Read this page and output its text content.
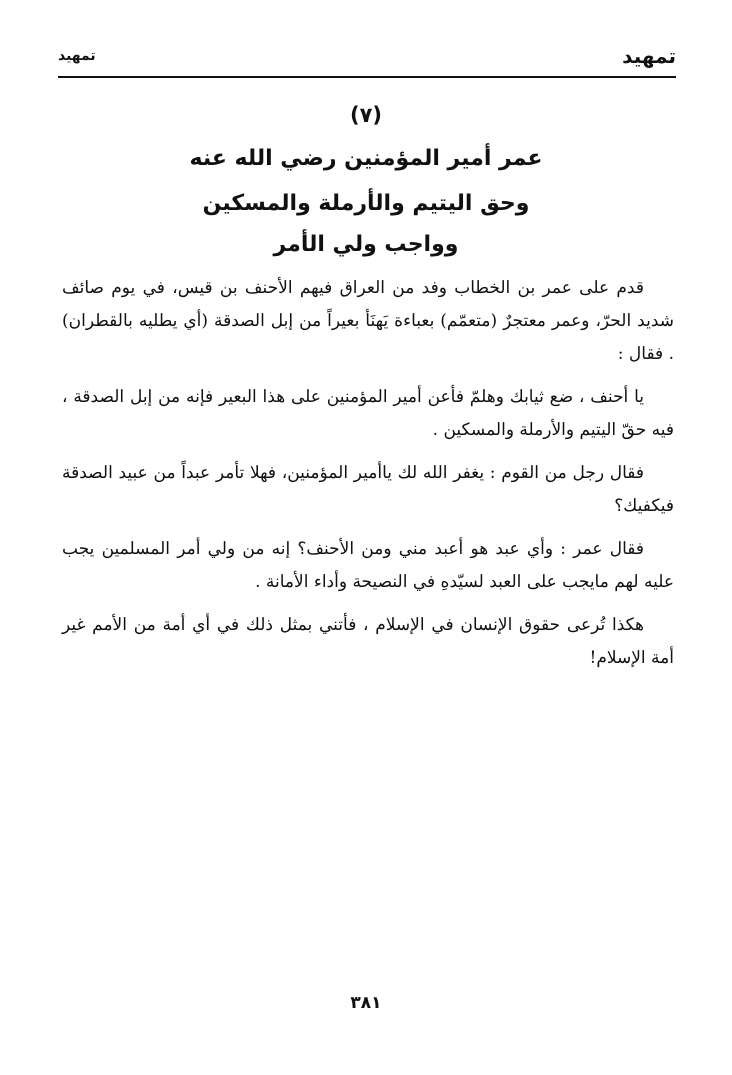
تمهيد
تمهيد
(٧)
عمر أمير المؤمنين رضي الله عنه
وحق اليتيم والأرملة والمسكين
وواجب ولي الأمر

قدم على عمر بن الخطاب وفد من العراق فيهم الأحنف بن قيس، في يوم صائف شديد الحرّ، وعمر معتجرٌ (متعمّم) بعباءة يَهنَأ بعيراً من إبل الصدقة (أي يطليه بالقطران) . فقال :

يا أحنف ، ضع ثيابك وهلمّ فأعن أمير المؤمنين على هذا البعير فإنه من إبل الصدقة ، فيه حقّ اليتيم والأرملة والمسكين .

فقال رجل من القوم : يغفر الله لك ياأمير المؤمنين، فهلا تأمر عبداً من عبيد الصدقة فيكفيك؟

فقال عمر : وأي عبد هو أعبد مني ومن الأحنف؟ إنه من ولي أمر المسلمين يجب عليه لهم مايجب على العبد لسيّدهِ في النصيحة وأداء الأمانة .

هكذا تُرعى حقوق الإنسان في الإسلام ، فأتني بمثل ذلك في أي أمة من الأمم غير أمة الإسلام!

٣٨١
